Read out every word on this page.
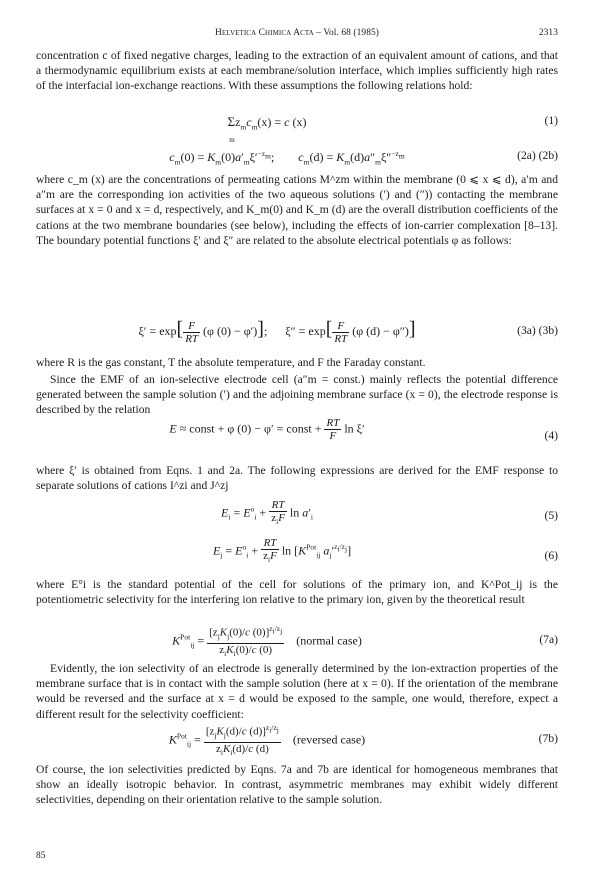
Helvetica Chimica Acta – Vol. 68 (1985)	2313

concentration c of fixed negative charges, leading to the extraction of an equivalent amount of cations, and that a thermodynamic equilibrium exists at each membrane/solution interface, which implies sufficiently high rates of the interfacial ion-exchange reactions. With these assumptions the following relations hold:

$\Sigma z_mc_m(x) = c$ (x)
m
(1)
$c_m(0) = K_m(0)a'_m\xi'^{-z_m}$;        $c_m(d) = K_m(d)a''_m\xi''^{-z_m}$	(2a) (2b)

where c_m (x) are the concentrations of permeating cations M^zm within the membrane (0 ⩽ x ⩽ d), a′m and a″m are the corresponding ion activities of the two aqueous solutions (′) and (″)) contacting the membrane surfaces at x = 0 and x = d, respectively, and K_m(0) and K_m (d) are the overall distribution coefficients of the cations at the two membrane boundaries (see below), including the effects of ion-carrier complexation [8–13]. The boundary potential functions ξ′ and ξ″ are related to the absolute electrical potentials φ as follows:

$\xi' = \exp[ \frac{F}{RT} (\varphi$ (0) − φ′)];      $\xi'' = \exp[ \frac{F}{RT} (\varphi$ (d) − φ″)]	(3a) (3b)

where R is the gas constant, T the absolute temperature, and F the Faraday constant.

Since the EMF of an ion-selective electrode cell (a″m = const.) mainly reflects the potential difference generated between the sample solution (′) and the adjoining membrane surface (x = 0), the electrode response is described by the relation

E ≈ const + φ (0) − φ′ = const + $\frac{RT}{F}$ ln ξ′
(4)

where ξ′ is obtained from Eqns. 1 and 2a. The following expressions are derived for the EMF response to separate solutions of cations I^zi and J^zj

$E_i = E^o_i + \frac{RT}{z_iF}$ $\ln a'_i$	(5)
$E_j = E^o_i + \frac{RT}{z_iF}$ $\ln [K^{Pot}_{ij}$ $a_j'^{z_i/z_j}$]	(6)

where E°i is the standard potential of the cell for solutions of the primary ion, and K^Pot_ij is the potentiometric selectivity for the interfering ion relative to the primary ion, given by the theoretical result

$K^{Pot}_{ij} = \frac{[z_jK_j(0)/c (0)]^{z_i/z_j}}{z_iK_i(0)/c (0)}$ (normal case)	(7a)

Evidently, the ion selectivity of an electrode is generally determined by the ion-extraction properties of the membrane surface that is in contact with the sample solution (here at x = 0). If the orientation of the membrane would be reversed and the surface at x = d would be exposed to the sample, one would, therefore, expect a different result for the selectivity coefficient:

$K^{Pot}_{ij} = \frac{[z_jK_j(d)/c (d)]^{z_i/z_j}}{z_iK_i(d)/c (d)}$ (reversed case)	(7b)

Of course, the ion selectivities predicted by Eqns. 7a and 7b are identical for homogeneous membranes that show an ideally isotropic behavior. In contrast, asymmetric membranes may exhibit widely different selectivities, depending on their orientation relative to the sample solution.

85
